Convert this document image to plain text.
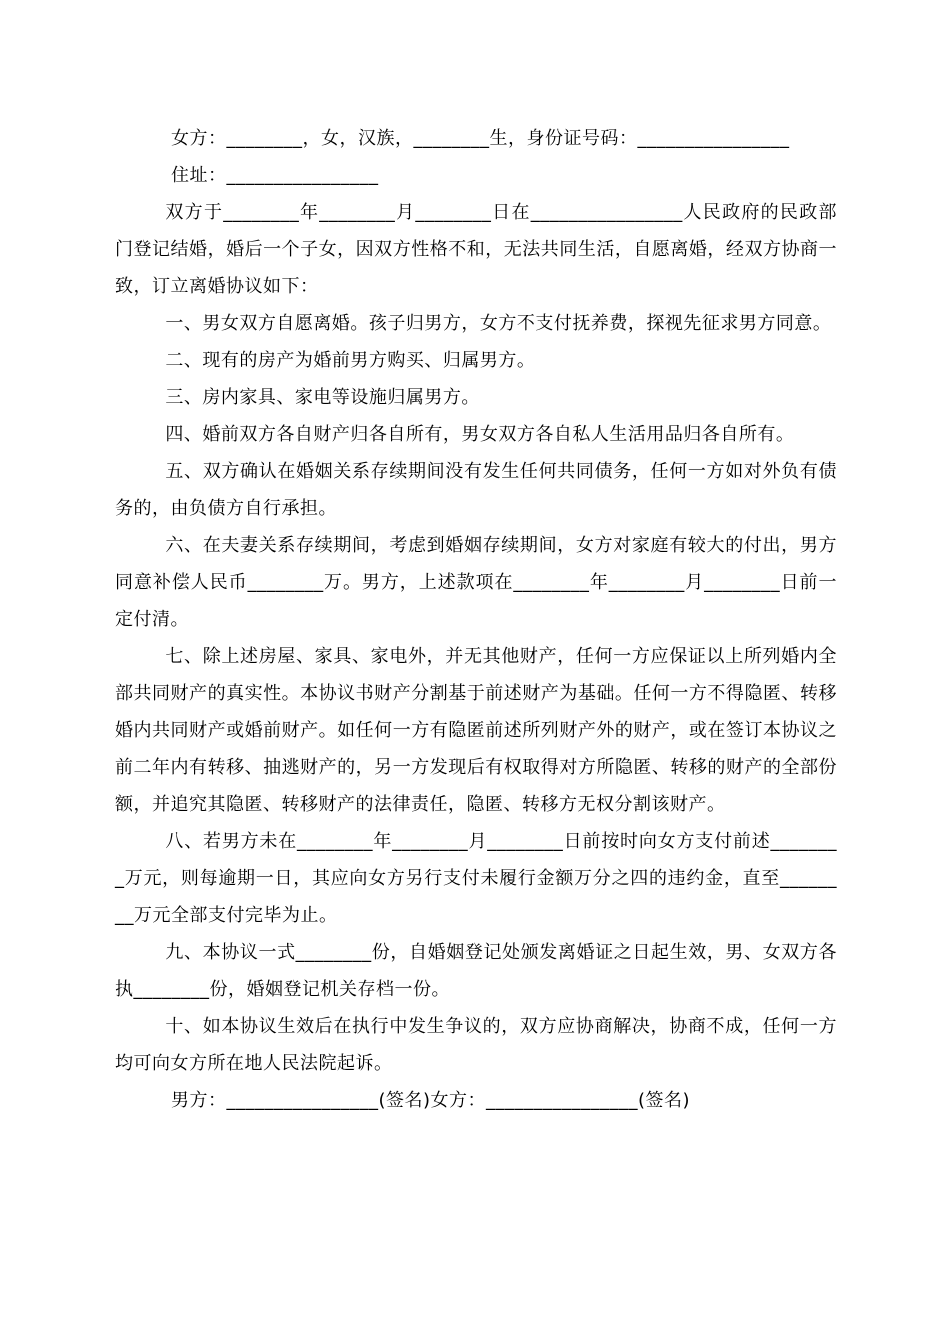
女方：________，女，汉族，________生，身份证号码：________________

住址：________________

双方于________年________月________日在________________人民政府的民政部门登记结婚，婚后一个子女，因双方性格不和，无法共同生活，自愿离婚，经双方协商一致，订立离婚协议如下：

一、男女双方自愿离婚。孩子归男方，女方不支付抚养费，探视先征求男方同意。

二、现有的房产为婚前男方购买、归属男方。

三、房内家具、家电等设施归属男方。

四、婚前双方各自财产归各自所有，男女双方各自私人生活用品归各自所有。

五、双方确认在婚姻关系存续期间没有发生任何共同债务，任何一方如对外负有债务的，由负债方自行承担。

六、在夫妻关系存续期间，考虑到婚姻存续期间，女方对家庭有较大的付出，男方同意补偿人民币________万。男方，上述款项在________年________月________日前一定付清。

七、除上述房屋、家具、家电外，并无其他财产，任何一方应保证以上所列婚内全部共同财产的真实性。本协议书财产分割基于前述财产为基础。任何一方不得隐匿、转移婚内共同财产或婚前财产。如任何一方有隐匿前述所列财产外的财产，或在签订本协议之前二年内有转移、抽逃财产的，另一方发现后有权取得对方所隐匿、转移的财产的全部份额，并追究其隐匿、转移财产的法律责任，隐匿、转移方无权分割该财产。

八、若男方未在________年________月________日前按时向女方支付前述________万元，则每逾期一日，其应向女方另行支付未履行金额万分之四的违约金，直至________万元全部支付完毕为止。

九、本协议一式________份，自婚姻登记处颁发离婚证之日起生效，男、女双方各执________份，婚姻登记机关存档一份。

十、如本协议生效后在执行中发生争议的，双方应协商解决，协商不成，任何一方均可向女方所在地人民法院起诉。

男方：________________(签名)女方：________________(签名)
